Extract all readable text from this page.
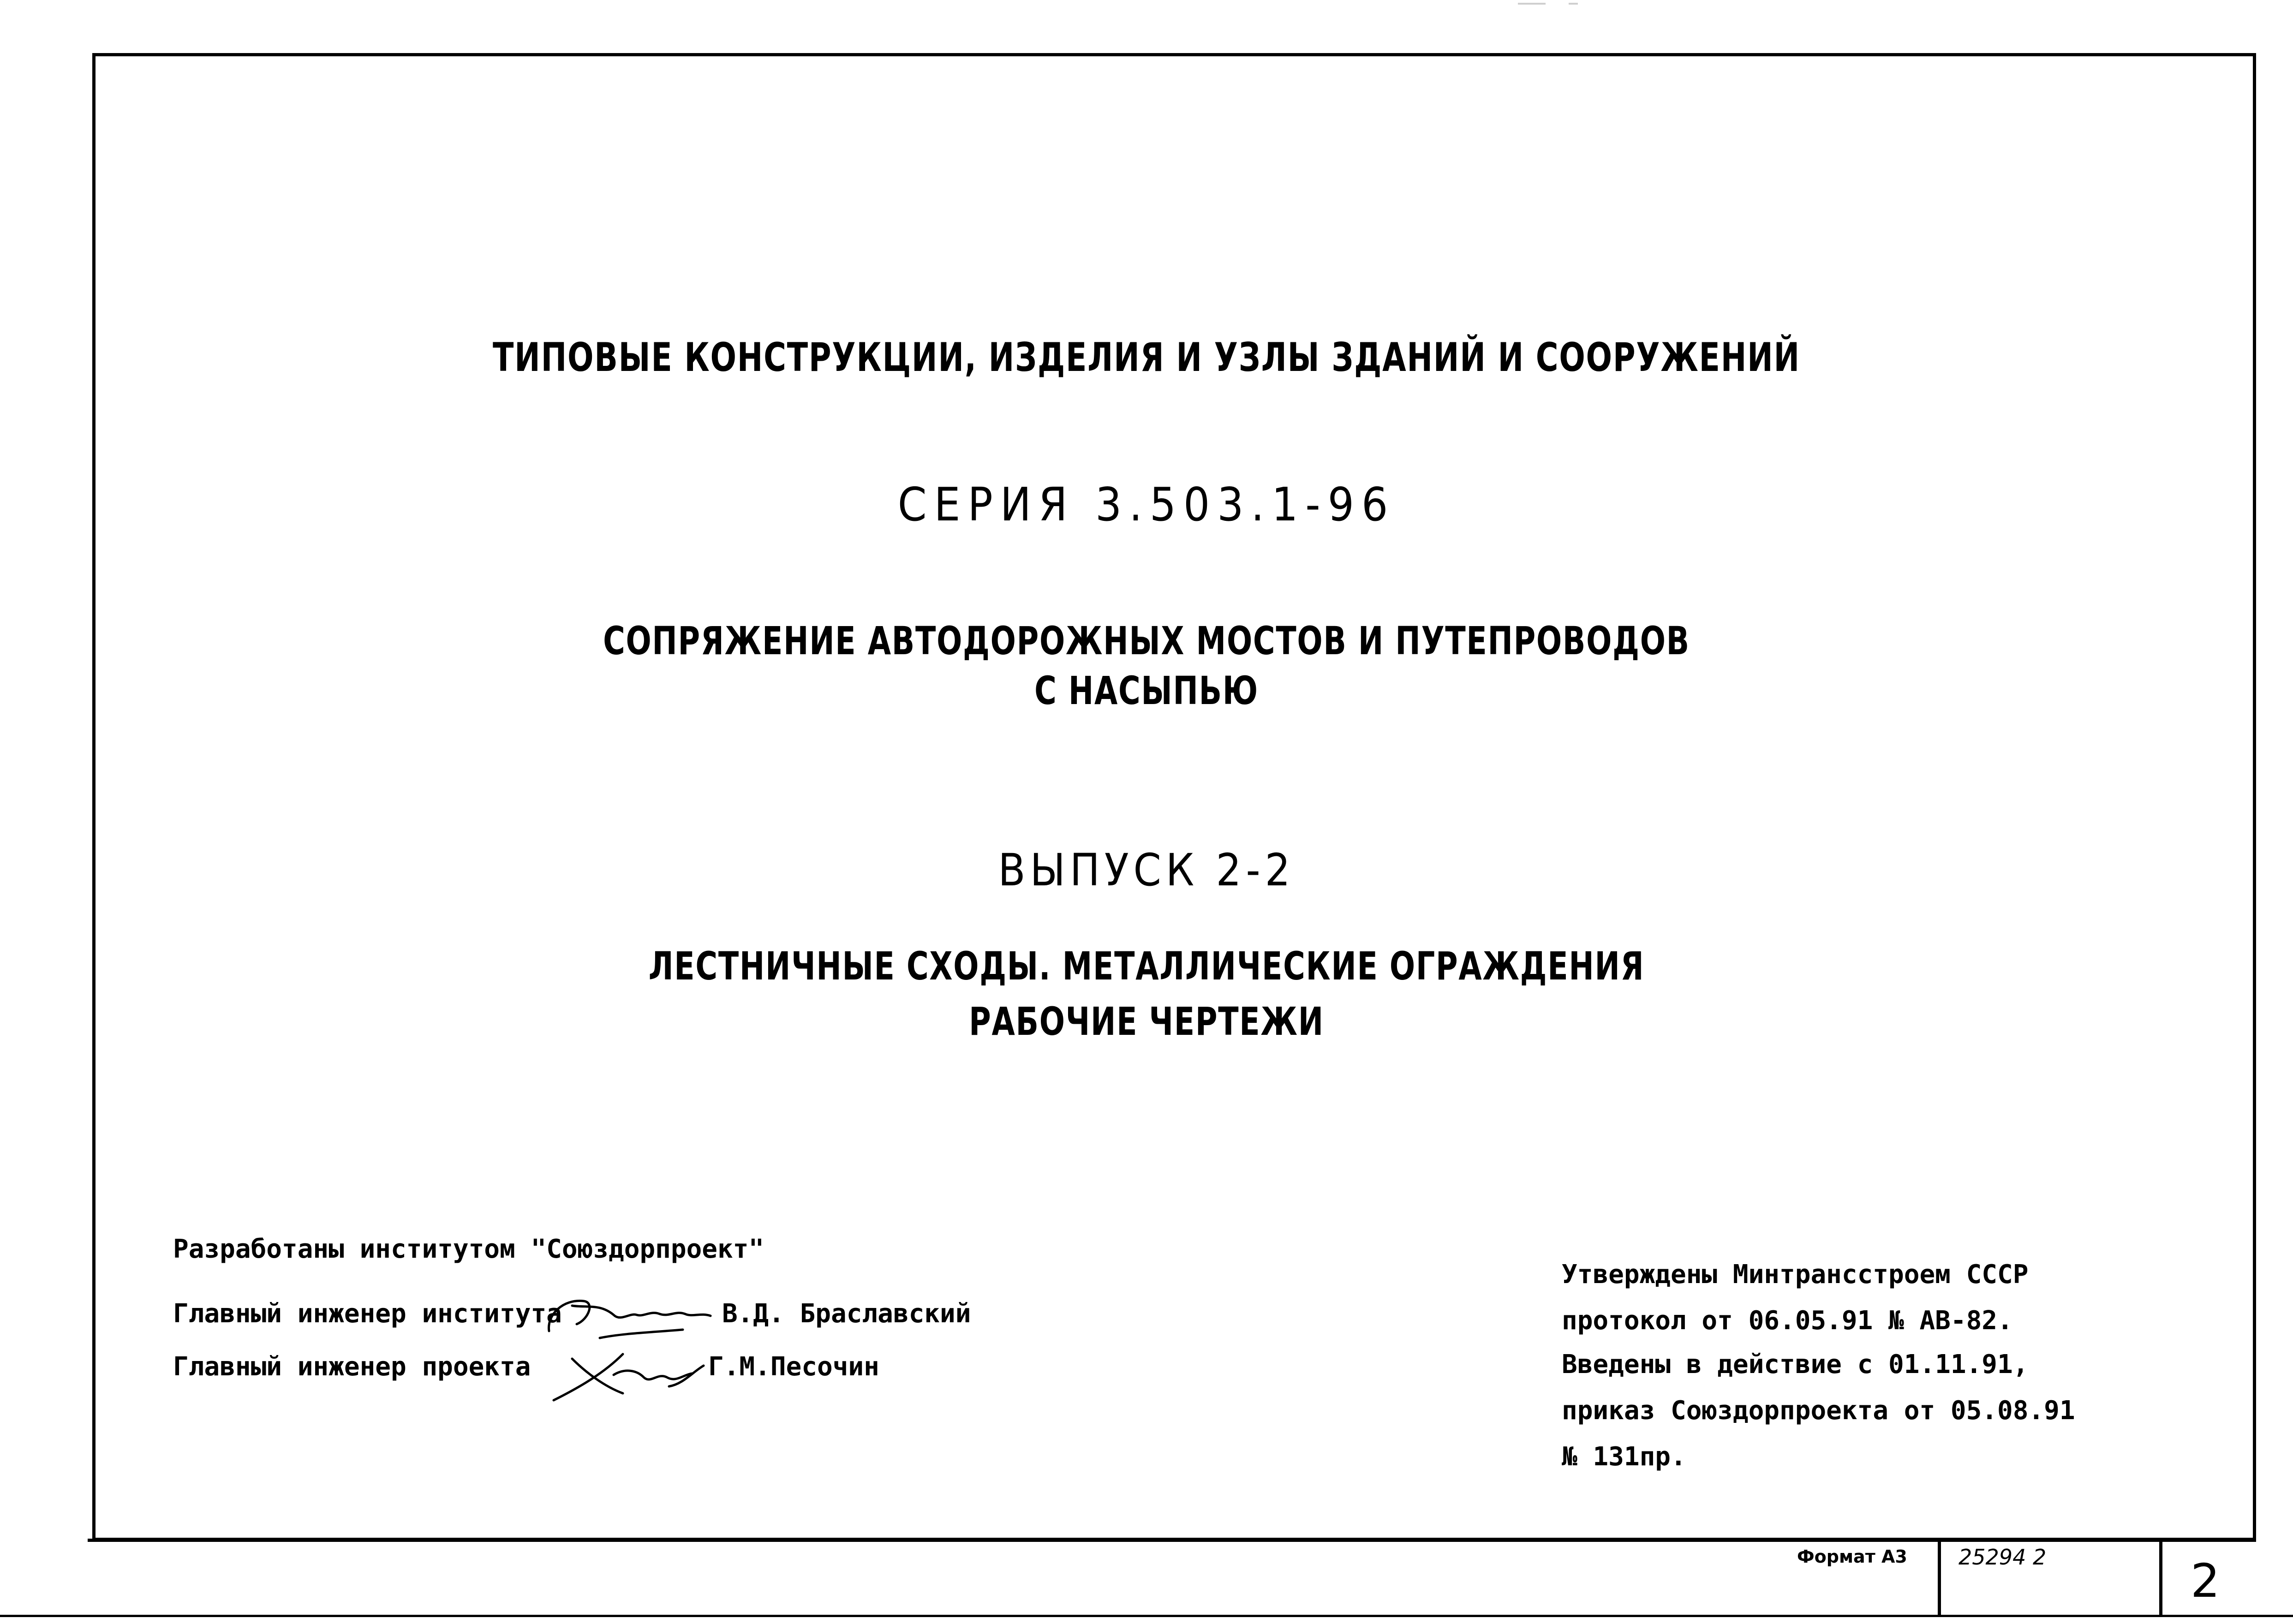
ТИПОВЫЕ КОНСТРУКЦИИ, ИЗДЕЛИЯ И УЗЛЫ ЗДАНИЙ И СООРУЖЕНИЙ
СЕРИЯ 3.503.1-96
СОПРЯЖЕНИЕ АВТОДОРОЖНЫХ МОСТОВ И ПУТЕПРОВОДОВ
С НАСЫПЬЮ
ВЫПУСК 2-2
ЛЕСТНИЧНЫЕ СХОДЫ. МЕТАЛЛИЧЕСКИЕ ОГРАЖДЕНИЯ
РАБОЧИЕ ЧЕРТЕЖИ
Разработаны институтом "Союздорпроект"
Главный инженер института	В.Д. Браславский
Главный инженер проекта	Г.М.Песочин
Утверждены Минтрансстроем СССР
протокол от 06.05.91 № АВ-82.
Введены в действие с 01.11.91,
приказ Союздорпроекта от 05.08.91
№ 131пр.
Формат А3 25294 2	2
